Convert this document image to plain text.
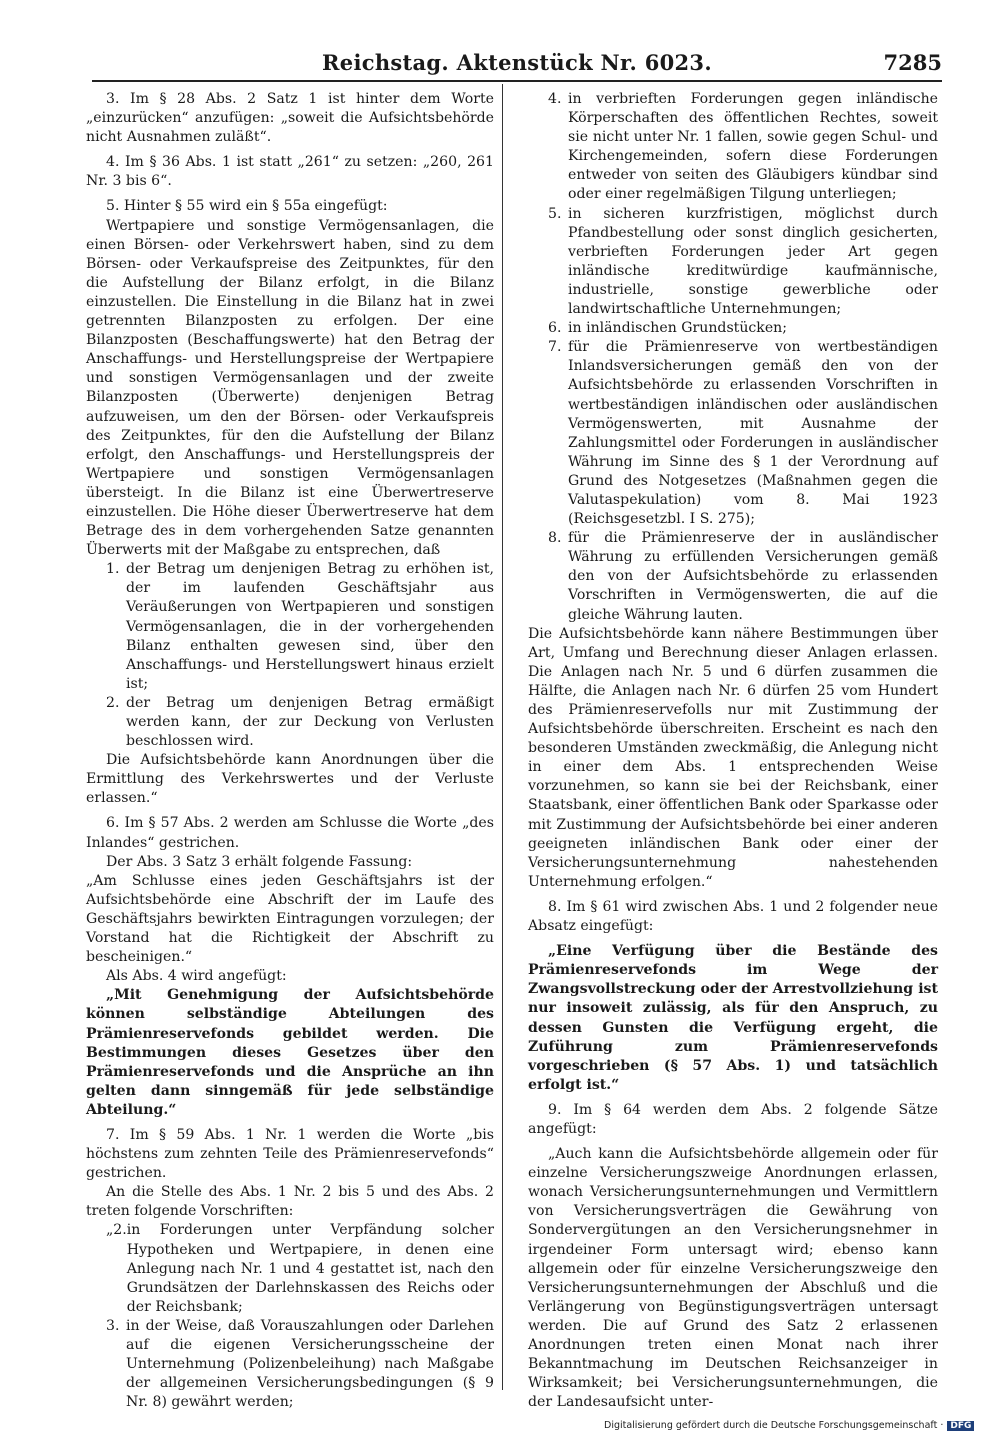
Reichstag. Aktenstück Nr. 6023.	7285

3. Im § 28 Abs. 2 Satz 1 ist hinter dem Worte „einzurücken“ anzufügen: „soweit die Aufsichtsbehörde nicht Ausnahmen zuläßt“.

4. Im § 36 Abs. 1 ist statt „261“ zu setzen: „260, 261 Nr. 3 bis 6“.

5. Hinter § 55 wird ein § 55a eingefügt:

Wertpapiere und sonstige Vermögensanlagen, die einen Börsen- oder Verkehrswert haben, sind zu dem Börsen- oder Verkaufspreise des Zeitpunktes, für den die Aufstellung der Bilanz erfolgt, in die Bilanz einzustellen. Die Einstellung in die Bilanz hat in zwei getrennten Bilanzposten zu erfolgen. Der eine Bilanzposten (Beschaffungswerte) hat den Betrag der Anschaffungs- und Herstellungspreise der Wertpapiere und sonstigen Vermögensanlagen und der zweite Bilanzposten (Überwerte) denjenigen Betrag aufzuweisen, um den der Börsen- oder Verkaufspreis des Zeitpunktes, für den die Aufstellung der Bilanz erfolgt, den Anschaffungs- und Herstellungspreis der Wertpapiere und sonstigen Vermögensanlagen übersteigt. In die Bilanz ist eine Überwertreserve einzustellen. Die Höhe dieser Überwertreserve hat dem Betrage des in dem vorhergehenden Satze genannten Überwerts mit der Maßgabe zu entsprechen, daß

1. der Betrag um denjenigen Betrag zu erhöhen ist, der im laufenden Geschäftsjahr aus Veräußerungen von Wertpapieren und sonstigen Vermögensanlagen, die in der vorhergehenden Bilanz enthalten gewesen sind, über den Anschaffungs- und Herstellungswert hinaus erzielt ist;
2. der Betrag um denjenigen Betrag ermäßigt werden kann, der zur Deckung von Verlusten beschlossen wird.

Die Aufsichtsbehörde kann Anordnungen über die Ermittlung des Verkehrswertes und der Verluste erlassen.“

6. Im § 57 Abs. 2 werden am Schlusse die Worte „des Inlandes“ gestrichen.

Der Abs. 3 Satz 3 erhält folgende Fassung:

„Am Schlusse eines jeden Geschäftsjahrs ist der Aufsichtsbehörde eine Abschrift der im Laufe des Geschäftsjahrs bewirkten Eintragungen vorzulegen; der Vorstand hat die Richtigkeit der Abschrift zu bescheinigen.“

Als Abs. 4 wird angefügt:

„Mit Genehmigung der Aufsichtsbehörde können selbständige Abteilungen des Prämienreservefonds gebildet werden. Die Bestimmungen dieses Gesetzes über den Prämienreservefonds und die Ansprüche an ihn gelten dann sinngemäß für jede selbständige Abteilung.“

7. Im § 59 Abs. 1 Nr. 1 werden die Worte „bis höchstens zum zehnten Teile des Prämienreservefonds“ gestrichen.

An die Stelle des Abs. 1 Nr. 2 bis 5 und des Abs. 2 treten folgende Vorschriften:

„2. in Forderungen unter Verpfändung solcher Hypotheken und Wertpapiere, in denen eine Anlegung nach Nr. 1 und 4 gestattet ist, nach den Grundsätzen der Darlehnskassen des Reichs oder der Reichsbank;
3. in der Weise, daß Vorauszahlungen oder Darlehen auf die eigenen Versicherungsscheine der Unternehmung (Polizenbeleihung) nach Maßgabe der allgemeinen Versicherungsbedingungen (§ 9 Nr. 8) gewährt werden;
4. in verbrieften Forderungen gegen inländische Körperschaften des öffentlichen Rechtes, soweit sie nicht unter Nr. 1 fallen, sowie gegen Schul- und Kirchengemeinden, sofern diese Forderungen entweder von seiten des Gläubigers kündbar sind oder einer regelmäßigen Tilgung unterliegen;
5. in sicheren kurzfristigen, möglichst durch Pfandbestellung oder sonst dinglich gesicherten, verbrieften Forderungen jeder Art gegen inländische kreditwürdige kaufmännische, industrielle, sonstige gewerbliche oder landwirtschaftliche Unternehmungen;
6. in inländischen Grundstücken;
7. für die Prämienreserve von wertbeständigen Inlandsversicherungen gemäß den von der Aufsichtsbehörde zu erlassenden Vorschriften in wertbeständigen inländischen oder ausländischen Vermögenswerten, mit Ausnahme der Zahlungsmittel oder Forderungen in ausländischer Währung im Sinne des § 1 der Verordnung auf Grund des Notgesetzes (Maßnahmen gegen die Valutaspekulation) vom 8. Mai 1923 (Reichsgesetzbl. I S. 275);
8. für die Prämienreserve der in ausländischer Währung zu erfüllenden Versicherungen gemäß den von der Aufsichtsbehörde zu erlassenden Vorschriften in Vermögenswerten, die auf die gleiche Währung lauten.

Die Aufsichtsbehörde kann nähere Bestimmungen über Art, Umfang und Berechnung dieser Anlagen erlassen. Die Anlagen nach Nr. 5 und 6 dürfen zusammen die Hälfte, die Anlagen nach Nr. 6 dürfen 25 vom Hundert des Prämienreservefolls nur mit Zustimmung der Aufsichtsbehörde überschreiten. Erscheint es nach den besonderen Umständen zweckmäßig, die Anlegung nicht in einer dem Abs. 1 entsprechenden Weise vorzunehmen, so kann sie bei der Reichsbank, einer Staatsbank, einer öffentlichen Bank oder Sparkasse oder mit Zustimmung der Aufsichtsbehörde bei einer anderen geeigneten inländischen Bank oder einer der Versicherungsunternehmung nahestehenden Unternehmung erfolgen.“

8. Im § 61 wird zwischen Abs. 1 und 2 folgender neue Absatz eingefügt:

„Eine Verfügung über die Bestände des Prämienreservefonds im Wege der Zwangsvollstreckung oder der Arrestvollziehung ist nur insoweit zulässig, als für den Anspruch, zu dessen Gunsten die Verfügung ergeht, die Zuführung zum Prämienreservefonds vorgeschrieben (§ 57 Abs. 1) und tatsächlich erfolgt ist.“

9. Im § 64 werden dem Abs. 2 folgende Sätze angefügt:

„Auch kann die Aufsichtsbehörde allgemein oder für einzelne Versicherungszweige Anordnungen erlassen, wonach Versicherungsunternehmungen und Vermittlern von Versicherungsverträgen die Gewährung von Sondervergütungen an den Versicherungsnehmer in irgendeiner Form untersagt wird; ebenso kann allgemein oder für einzelne Versicherungszweige den Versicherungsunternehmungen der Abschluß und die Verlängerung von Begünstigungsverträgen untersagt werden. Die auf Grund des Satz 2 erlassenen Anordnungen treten einen Monat nach ihrer Bekanntmachung im Deutschen Reichsanzeiger in Wirksamkeit; bei Versicherungsunternehmungen, die der Landesaufsicht unter-

Digitalisierung gefördert durch die Deutsche Forschungsgemeinschaft · DFG
